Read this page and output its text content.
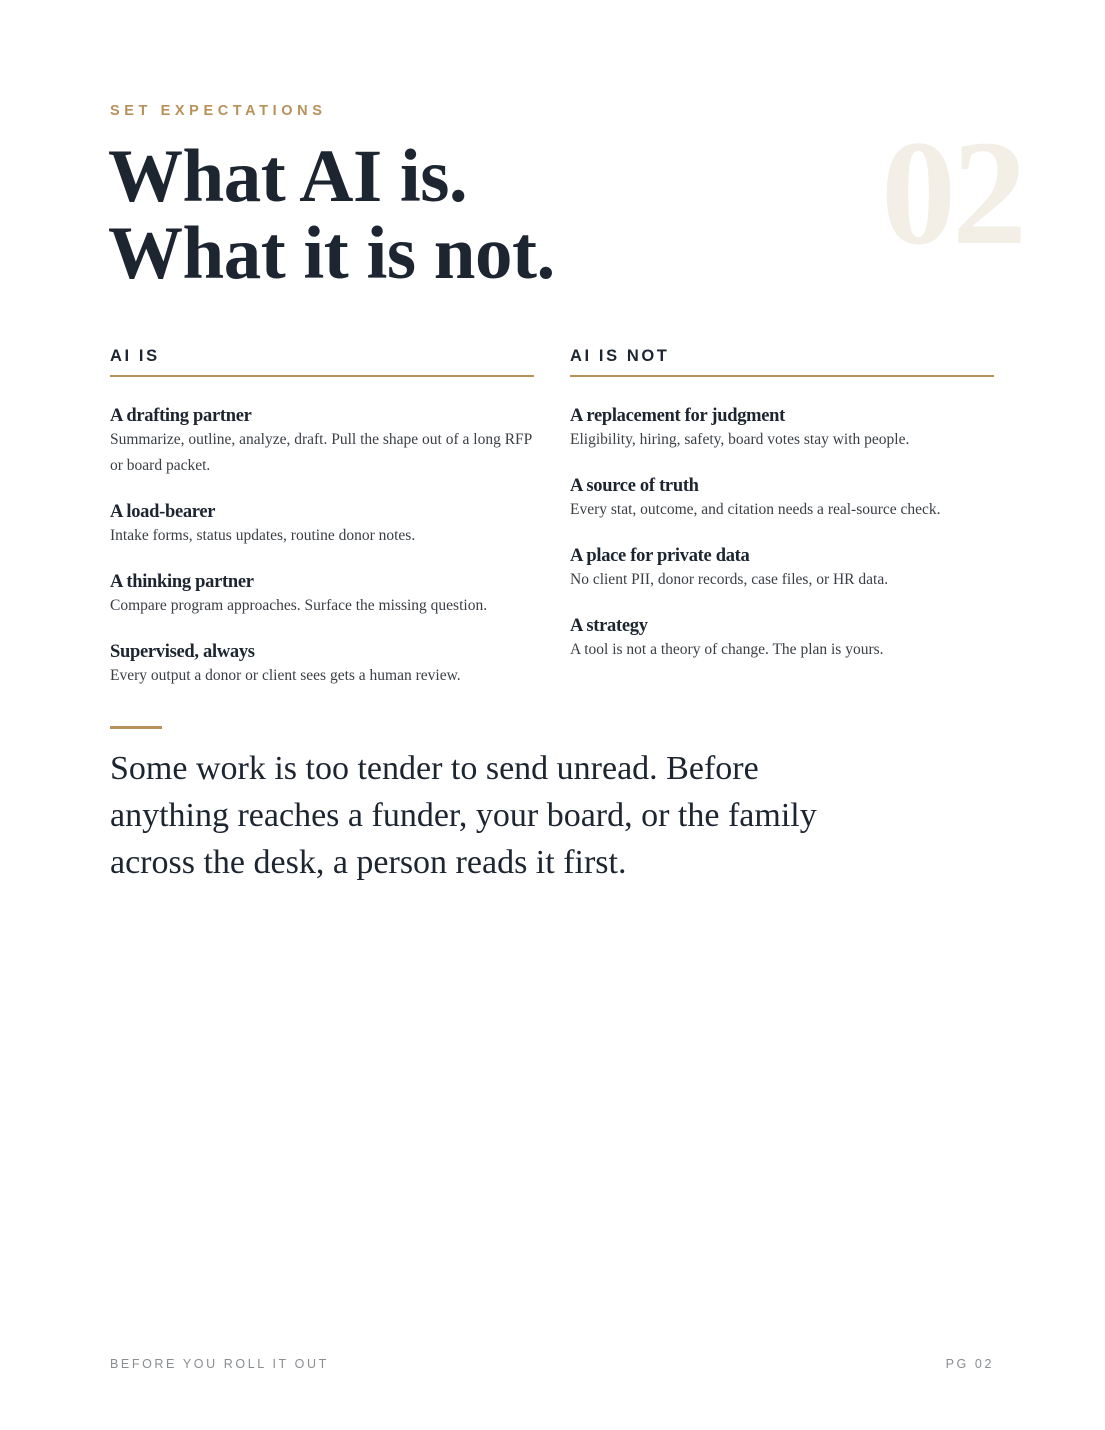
SET EXPECTATIONS	02
What AI is.
What it is not.
AI IS
A drafting partner
Summarize, outline, analyze, draft. Pull the shape out of a long RFP or board packet.
A load-bearer
Intake forms, status updates, routine donor notes.
A thinking partner
Compare program approaches. Surface the missing question.
Supervised, always
Every output a donor or client sees gets a human review.
AI IS NOT
A replacement for judgment
Eligibility, hiring, safety, board votes stay with people.
A source of truth
Every stat, outcome, and citation needs a real-source check.
A place for private data
No client PII, donor records, case files, or HR data.
A strategy
A tool is not a theory of change. The plan is yours.
Some work is too tender to send unread. Before
anything reaches a funder, your board, or the family
across the desk, a person reads it first.
BEFORE YOU ROLL IT OUT	PG 02
